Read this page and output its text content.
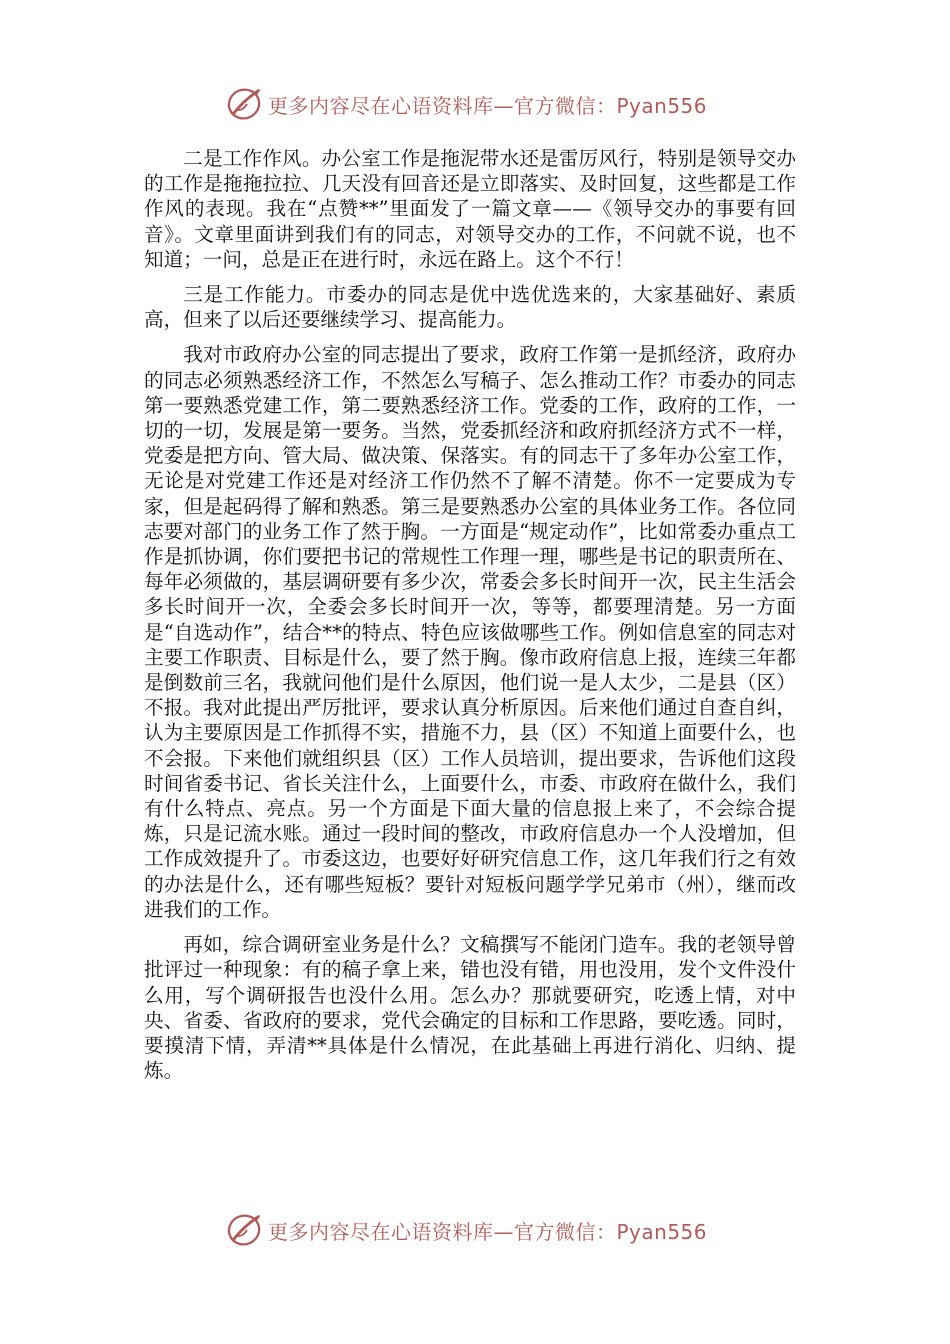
更多内容尽在心语资料库—官方微信：Pyan556

二是工作作风。办公室工作是拖泥带水还是雷厉风行，特别是领导交办的工作是拖拖拉拉、几天没有回音还是立即落实、及时回复，这些都是工作作风的表现。我在“点赞**”里面发了一篇文章——《领导交办的事要有回音》。文章里面讲到我们有的同志，对领导交办的工作，不问就不说，也不知道；一问，总是正在进行时，永远在路上。这个不行！

三是工作能力。市委办的同志是优中选优选来的，大家基础好、素质高，但来了以后还要继续学习、提高能力。

我对市政府办公室的同志提出了要求，政府工作第一是抓经济，政府办的同志必须熟悉经济工作，不然怎么写稿子、怎么推动工作？市委办的同志第一要熟悉党建工作，第二要熟悉经济工作。党委的工作，政府的工作，一切的一切，发展是第一要务。当然，党委抓经济和政府抓经济方式不一样，党委是把方向、管大局、做决策、保落实。有的同志干了多年办公室工作，无论是对党建工作还是对经济工作仍然不了解不清楚。你不一定要成为专家，但是起码得了解和熟悉。第三是要熟悉办公室的具体业务工作。各位同志要对部门的业务工作了然于胸。一方面是“规定动作”，比如常委办重点工作是抓协调，你们要把书记的常规性工作理一理，哪些是书记的职责所在、每年必须做的，基层调研要有多少次，常委会多长时间开一次，民主生活会多长时间开一次，全委会多长时间开一次，等等，都要理清楚。另一方面是“自选动作”，结合**的特点、特色应该做哪些工作。例如信息室的同志对主要工作职责、目标是什么，要了然于胸。像市政府信息上报，连续三年都是倒数前三名，我就问他们是什么原因，他们说一是人太少，二是县（区）不报。我对此提出严厉批评，要求认真分析原因。后来他们通过自查自纠，认为主要原因是工作抓得不实，措施不力，县（区）不知道上面要什么，也不会报。下来他们就组织县（区）工作人员培训，提出要求，告诉他们这段时间省委书记、省长关注什么，上面要什么，市委、市政府在做什么，我们有什么特点、亮点。另一个方面是下面大量的信息报上来了，不会综合提炼，只是记流水账。通过一段时间的整改，市政府信息办一个人没增加，但工作成效提升了。市委这边，也要好好研究信息工作，这几年我们行之有效的办法是什么，还有哪些短板？要针对短板问题学学兄弟市（州），继而改进我们的工作。

再如，综合调研室业务是什么？文稿撰写不能闭门造车。我的老领导曾批评过一种现象：有的稿子拿上来，错也没有错，用也没用，发个文件没什么用，写个调研报告也没什么用。怎么办？那就要研究，吃透上情，对中央、省委、省政府的要求，党代会确定的目标和工作思路，要吃透。同时，要摸清下情，弄清**具体是什么情况，在此基础上再进行消化、归纳、提炼。

更多内容尽在心语资料库—官方微信：Pyan556
